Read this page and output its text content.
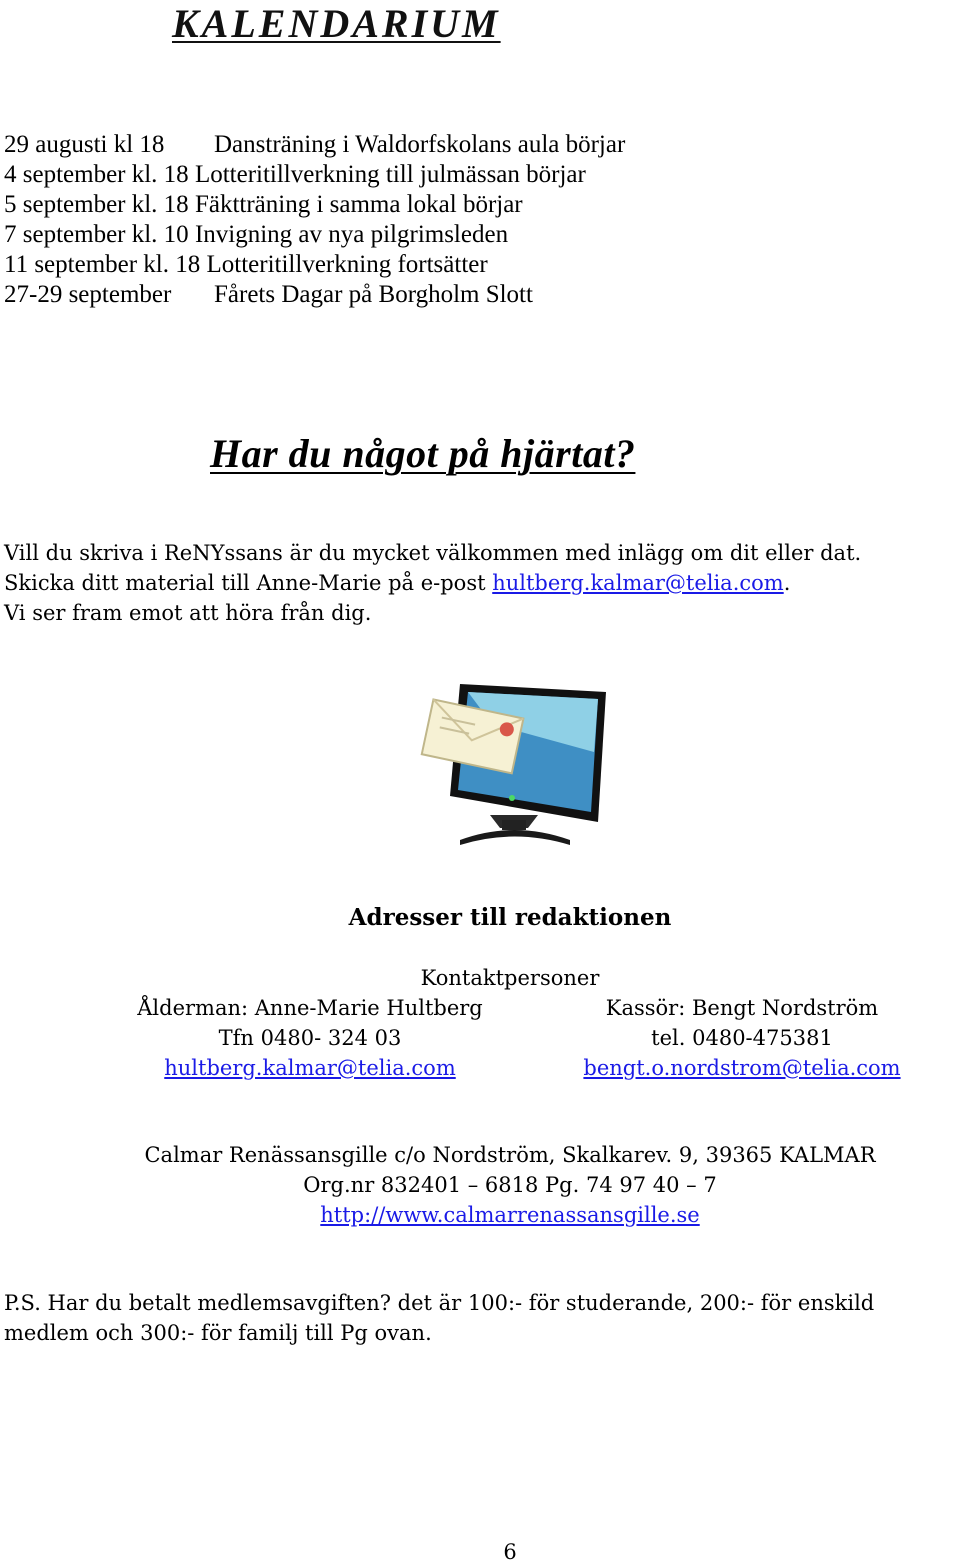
KALENDARIUM
29 augusti kl 18	Dansträning i Waldorfskolans aula börjar
4 september kl. 18
Lotteritillverkning till julmässan börjar
5 september kl. 18
Fäktträning i samma lokal börjar
7 september kl. 10
Invigning av nya pilgrimsleden
11 september kl. 18
Lotteritillverkning fortsätter
27-29 september	Fårets Dagar på Borgholm Slott
Har du något på hjärtat?
Vill du skriva i ReNYssans är du mycket välkommen med inlägg om dit eller dat.
Skicka ditt material till Anne-Marie på e-post hultberg.kalmar@telia.com.
Vi ser fram emot att höra från dig.
Adresser till redaktionen
Kontaktpersoner
Ålderman: Anne-Marie Hultberg
Tfn 0480- 324 03
hultberg.kalmar@telia.com
Kassör: Bengt Nordström
tel. 0480-475381
bengt.o.nordstrom@telia.com
Calmar Renässansgille c/o Nordström, Skalkarev. 9, 39365 KALMAR
Org.nr 832401 – 6818 Pg. 74 97 40 – 7
http://www.calmarrenassansgille.se

P.S. Har du betalt medlemsavgiften? det är 100:- för studerande, 200:- för enskild medlem och 300:- för familj till Pg ovan.

6
